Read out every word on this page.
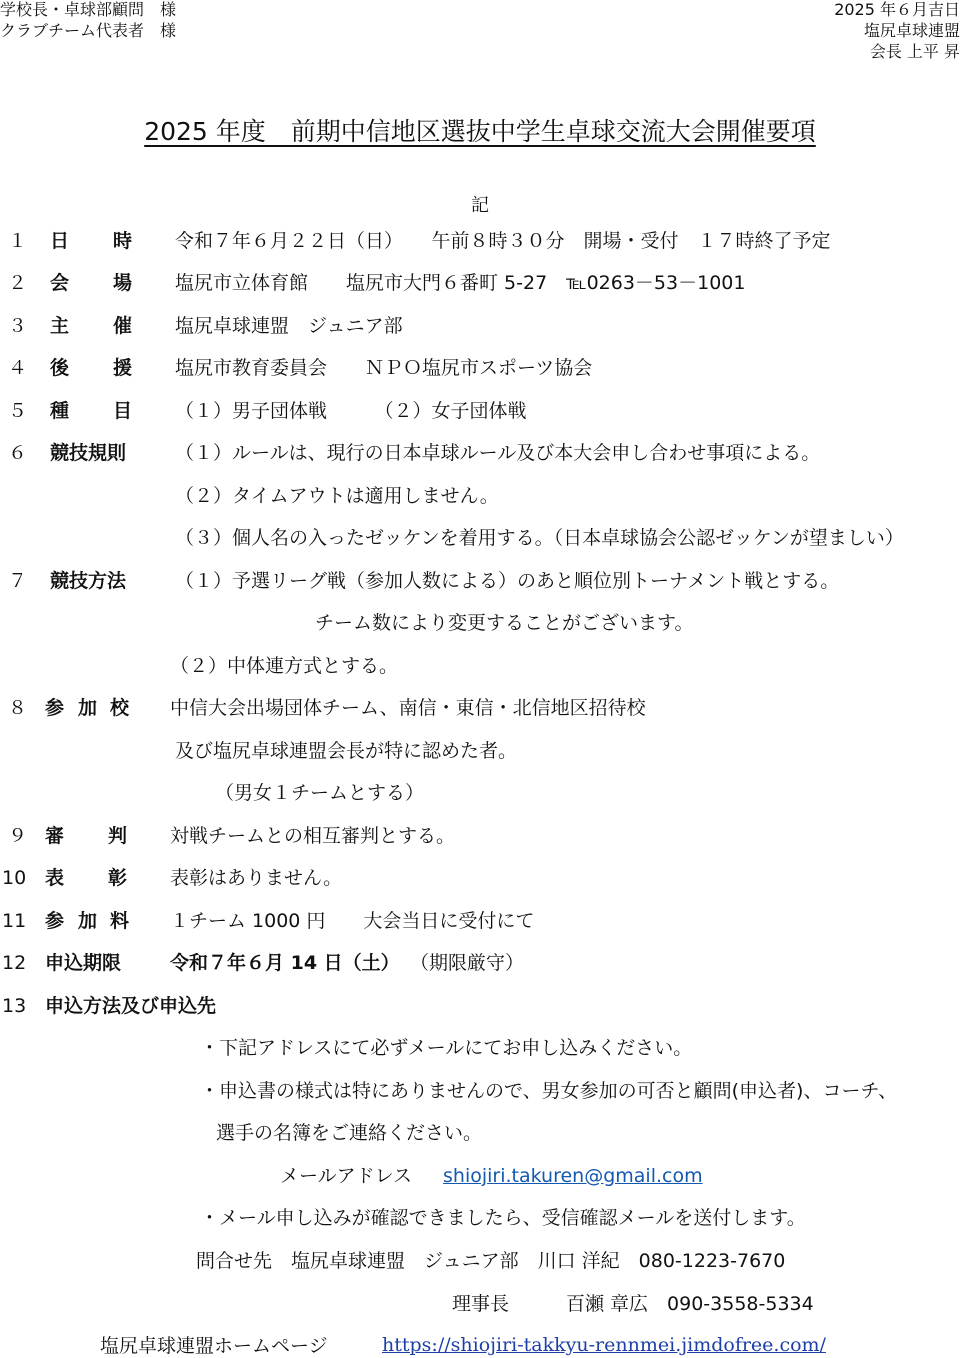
学校長・卓球部顧問　様
クラブチーム代表者　様
2025 年６月吉日
塩尻卓球連盟
会長 上平 昇
2025 年度　前期中信地区選抜中学生卓球交流大会開催要項
記
１ 日 時 令和７年６月２２日（日）　　午前８時３０分　開場・受付　１７時終了予定
２ 会 場 塩尻市立体育館　　塩尻市大門６番町 5-27　℡0263－53－1001
３ 主 催 塩尻卓球連盟　ジュニア部
４ 後 援 塩尻市教育委員会　　ＮＰＯ塩尻市スポーツ協会
５ 種 目 （１）男子団体戦　　　（２）女子団体戦
６ 競技規則	（１）ルールは、現行の日本卓球ルール及び本大会申し合わせ事項による。
（２）タイムアウトは適用しません。
（３）個人名の入ったゼッケンを着用する。（日本卓球協会公認ゼッケンが望ましい）
７ 競技方法	（１）予選リーグ戦（参加人数による）のあと順位別トーナメント戦とする。
チーム数により変更することがございます。
（２）中体連方式とする。
８ 参 加 校 中信大会出場団体チーム、南信・東信・北信地区招待校
及び塩尻卓球連盟会長が特に認めた者。
（男女１チームとする）
９ 審 判 対戦チームとの相互審判とする。
10 表 彰 表彰はありません。
11 参 加 料 １チーム 1000 円　　大会当日に受付にて
12 申込期限	令和７年６月 14 日（土） （期限厳守）
13 申込方法及び申込先
・下記アドレスにて必ずメールにてお申し込みください。
・申込書の様式は特にありませんので、男女参加の可否と顧問(申込者)、コーチ、
選手の名簿をご連絡ください。
メールアドレス shiojiri.takuren@gmail.com
・メール申し込みが確認できましたら、受信確認メールを送付します。
問合せ先　塩尻卓球連盟　ジュニア部　川口 洋紀　080-1223-7670
理事長　　　百瀬 章広　090-3558-5334
塩尻卓球連盟ホームページ	https://shiojiri-takkyu-rennmei.jimdofree.com/
